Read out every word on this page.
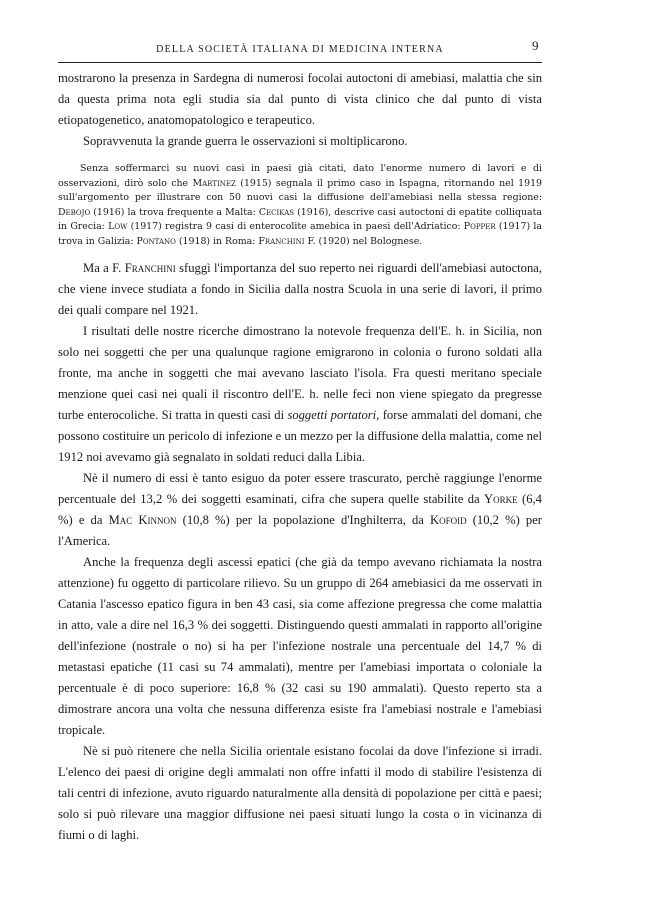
9
DELLA SOCIETÀ ITALIANA DI MEDICINA INTERNA

mostrarono la presenza in Sardegna di numerosi focolai autoctoni di amebiasi, malattia che sin da questa prima nota egli studia sia dal punto di vista clinico che dal punto di vista etiopatogenetico, anatomopatologico e terapeutico.

Sopravvenuta la grande guerra le osservazioni si moltiplicarono.

Senza soffermarci su nuovi casi in paesi già citati, dato l'enorme numero di lavori e di osservazioni, dirò solo che Martinez (1915) segnala il primo caso in Ispagna, ritornando nel 1919 sull'argomento per illustrare con 50 nuovi casi la diffusione dell'amebiasi nella stessa regione: Debojo (1916) la trova frequente a Malta: Cecikas (1916), descrive casi autoctoni di epatite colliquata in Grecia: Low (1917) registra 9 casi di enterocolite amebica in paesi dell'Adriatico: Popper (1917) la trova in Galizia: Pontano (1918) in Roma: Franchini F. (1920) nel Bolognese.

Ma a F. Franchini sfuggì l'importanza del suo reperto nei riguardi dell'amebiasi autoctona, che viene invece studiata a fondo in Sicilia dalla nostra Scuola in una serie di lavori, il primo dei quali compare nel 1921.

I risultati delle nostre ricerche dimostrano la notevole frequenza dell'E. h. in Sicilia, non solo nei soggetti che per una qualunque ragione emigrarono in colonia o furono soldati alla fronte, ma anche in soggetti che mai avevano lasciato l'isola. Fra questi meritano speciale menzione quei casi nei quali il riscontro dell'E. h. nelle feci non viene spiegato da pregresse turbe enterocoliche. Si tratta in questi casi di soggetti portatori, forse ammalati del domani, che possono costituire un pericolo di infezione e un mezzo per la diffusione della malattia, come nel 1912 noi avevamo già segnalato in soldati reduci dalla Libia.

Nè il numero di essi è tanto esiguo da poter essere trascurato, perchè raggiunge l'enorme percentuale del 13,2 % dei soggetti esaminati, cifra che supera quelle stabilite da Yorke (6,4 %) e da Mac Kinnon (10,8 %) per la popolazione d'Inghilterra, da Kofoid (10,2 %) per l'America.

Anche la frequenza degli ascessi epatici (che già da tempo avevano richiamata la nostra attenzione) fu oggetto di particolare rilievo. Su un gruppo di 264 amebiasici da me osservati in Catania l'ascesso epatico figura in ben 43 casi, sia come affezione pregressa che come malattia in atto, vale a dire nel 16,3 % dei soggetti. Distinguendo questi ammalati in rapporto all'origine dell'infezione (nostrale o no) si ha per l'infezione nostrale una percentuale del 14,7 % di metastasi epatiche (11 casi su 74 ammalati), mentre per l'amebiasi importata o coloniale la percentuale è di poco superiore: 16,8 % (32 casi su 190 ammalati). Questo reperto sta a dimostrare ancora una volta che nessuna differenza esiste fra l'amebiasi nostrale e l'amebiasi tropicale.

Nè si può ritenere che nella Sicilia orientale esistano focolai da dove l'infezione si irradi. L'elenco dei paesi di origine degli ammalati non offre infatti il modo di stabilire l'esistenza di tali centri di infezione, avuto riguardo naturalmente alla densità di popolazione per città e paesi; solo si può rilevare una maggior diffusione nei paesi situati lungo la costa o in vicinanza di fiumi o di laghi.
